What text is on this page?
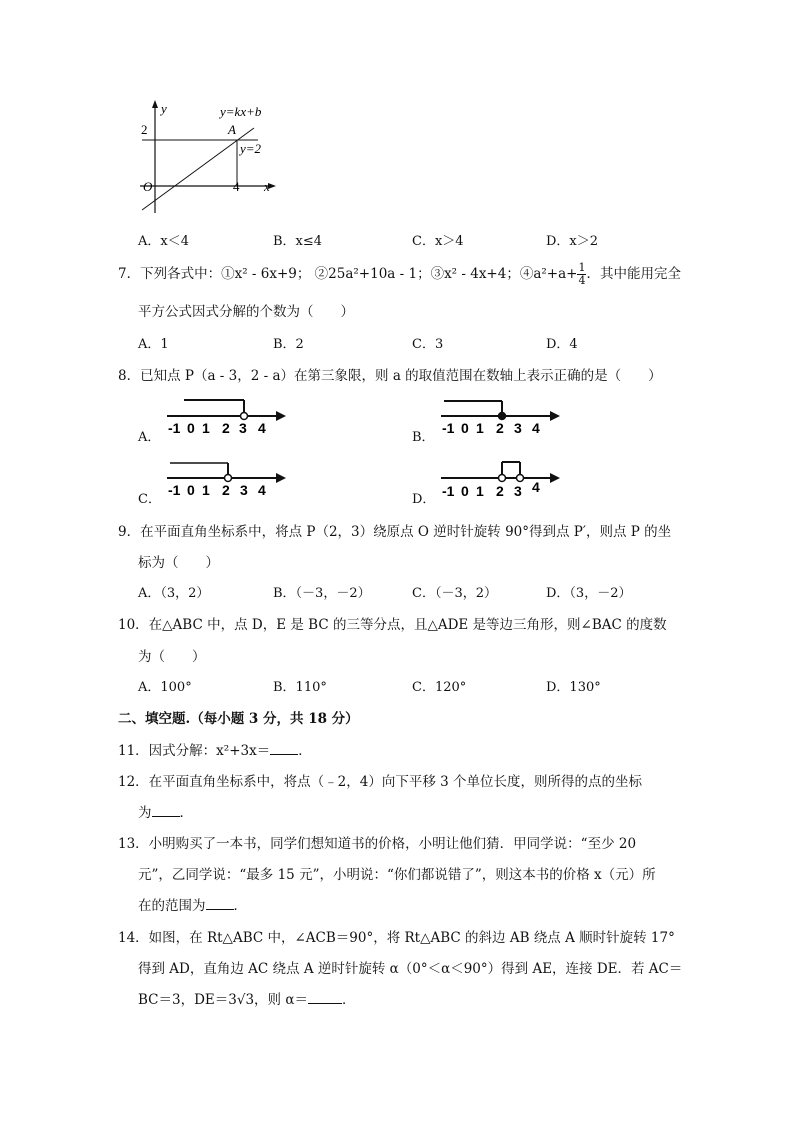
y
2
y=kx+b
A
y=2
O	4 x
A．x＜4	B．x≤4	C．x＞4	D．x＞2
7．下列各式中：①x² - 6x+9； ②25a²+10a - 1；③x² - 4x+4；④a²+a+ $\frac{1}{4}$ ．其中能用完全
平方公式因式分解的个数为（　　）
A．1	B．2	C．3	D．4
8．已知点 P（a - 3，2 - a）在第三象限，则 a 的取值范围在数轴上表示正确的是（　　）
A．
-1 0 1 2 3 4
B．
-1 0 1 2 3 4
C．
-1 0 1 2 3 4
D．
-1 0 1 2 3 4
9．在平面直角坐标系中，将点 P（2，3）绕原点 O 逆时针旋转 90°得到点 P′，则点 P 的坐
标为（　　）
A．（3，2）	B．（－3，－2）	C．（－3，2）	D．（3，－2）
10．在△ABC 中，点 D，E 是 BC 的三等分点，且△ADE 是等边三角形，则∠BAC 的度数
为（　　）
A．100°	B．110°	C．120°	D．130°
二、填空题.（每小题 3 分，共 18 分）
11．因式分解：x²+3x＝ ．
12．在平面直角坐标系中，将点（﹣2，4）向下平移 3 个单位长度，则所得的点的坐标
为 ．
13．小明购买了一本书，同学们想知道书的价格，小明让他们猜．甲同学说：“至少 20
元”，乙同学说：“最多 15 元”，小明说：“你们都说错了”，则这本书的价格 x（元）所
在的范围为 ．
14．如图，在 Rt△ABC 中，∠ACB＝90°，将 Rt△ABC 的斜边 AB 绕点 A 顺时针旋转 17°
得到 AD，直角边 AC 绕点 A 逆时针旋转 α（0°＜α＜90°）得到 AE，连接 DE．若 AC＝
BC＝3，DE＝3√3，则 α＝	．
